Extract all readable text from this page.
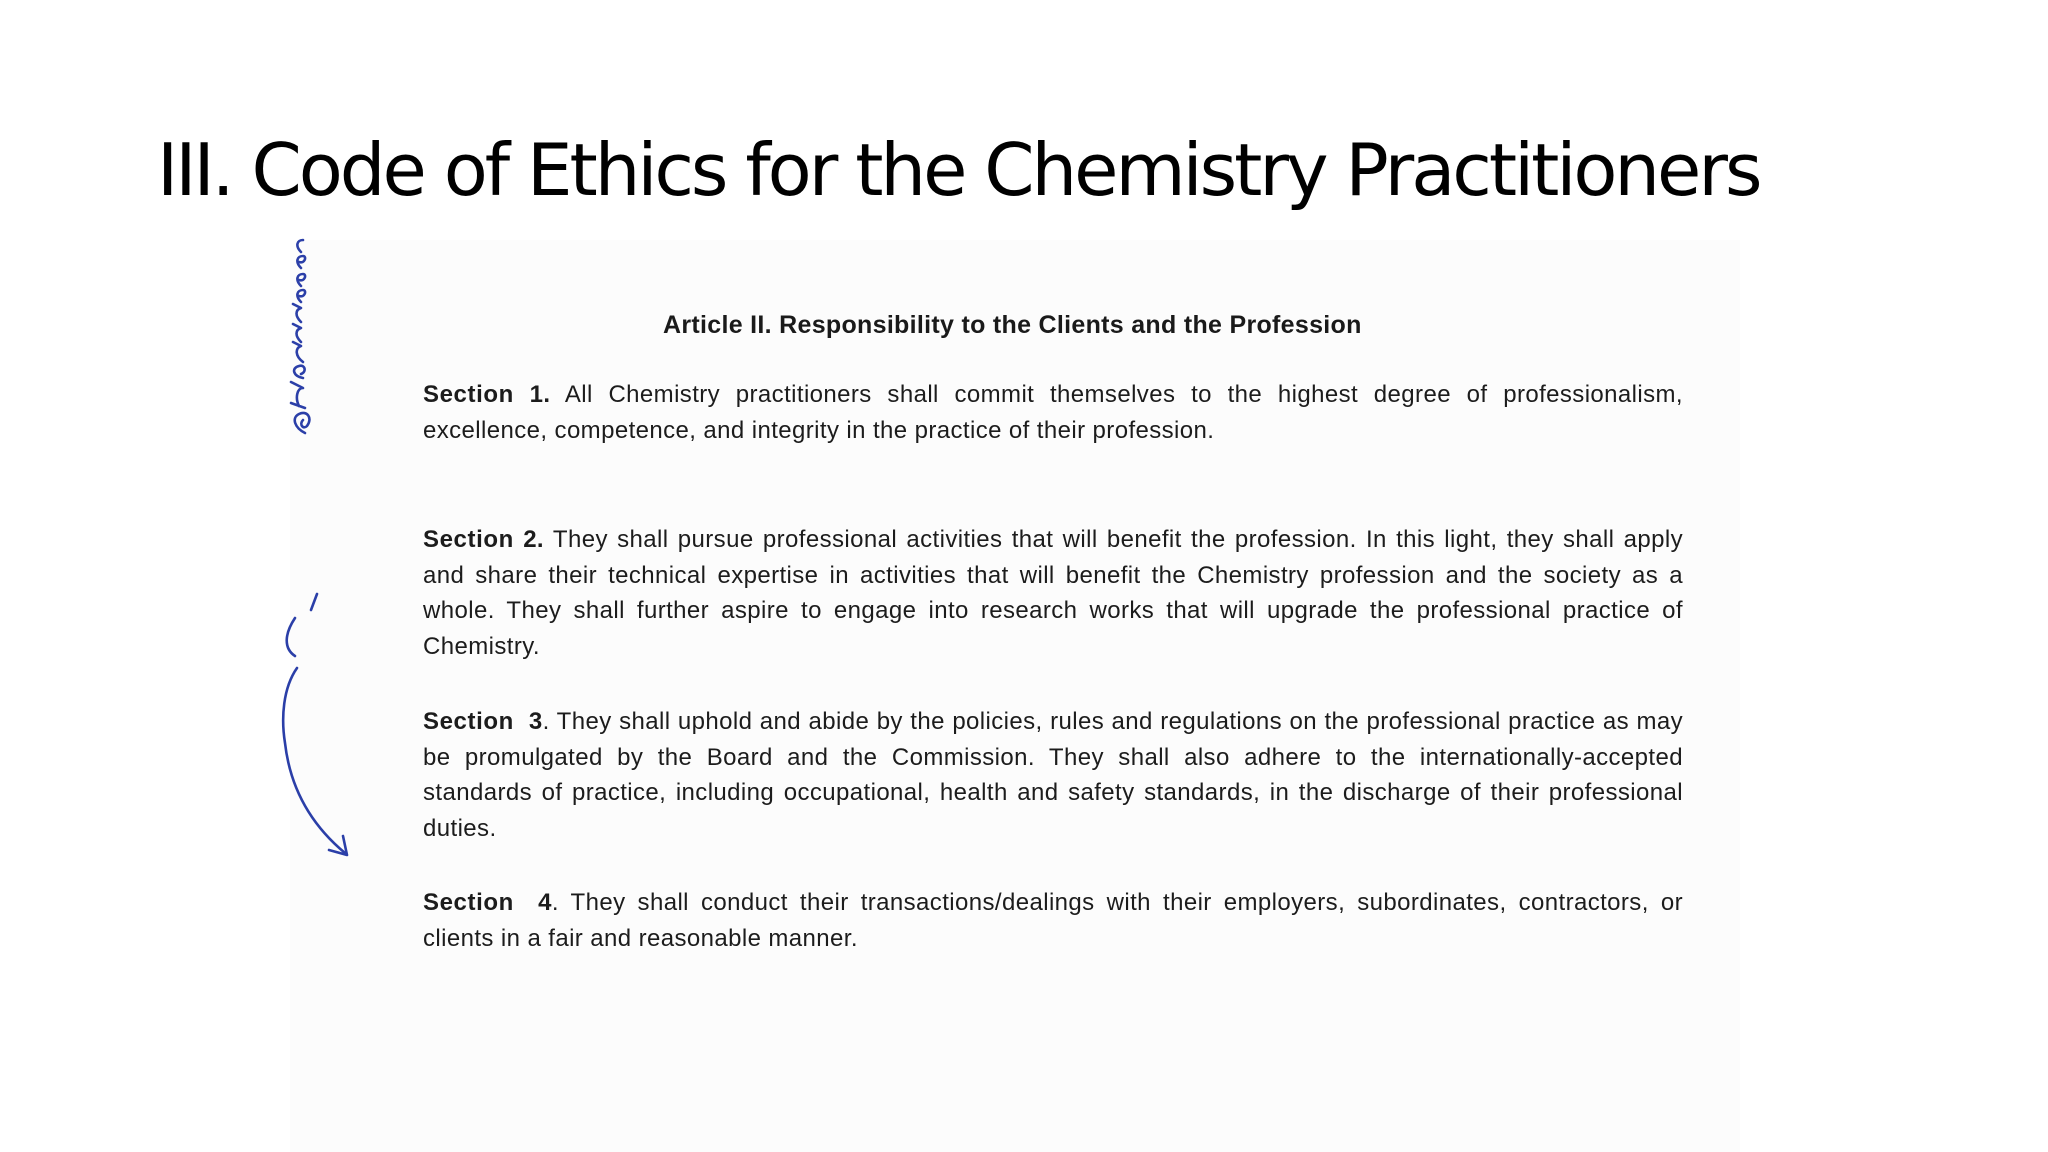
III. Code of Ethics for the Chemistry Practitioners
Article II. Responsibility to the Clients and the Profession

Section 1. All Chemistry practitioners shall commit themselves to the highest degree of professionalism, excellence, competence, and integrity in the practice of their profession.

Section 2. They shall pursue professional activities that will benefit the profession. In this light, they shall apply and share their technical expertise in activities that will benefit the Chemistry profession and the society as a whole. They shall further aspire to engage into research works that will upgrade the professional practice of Chemistry.

Section 3. They shall uphold and abide by the policies, rules and regulations on the professional practice as may be promulgated by the Board and the Commission. They shall also adhere to the internationally-accepted standards of practice, including occupational, health and safety standards, in the discharge of their professional duties.

Section 4. They shall conduct their transactions/dealings with their employers, subordinates, contractors, or clients in a fair and reasonable manner.
